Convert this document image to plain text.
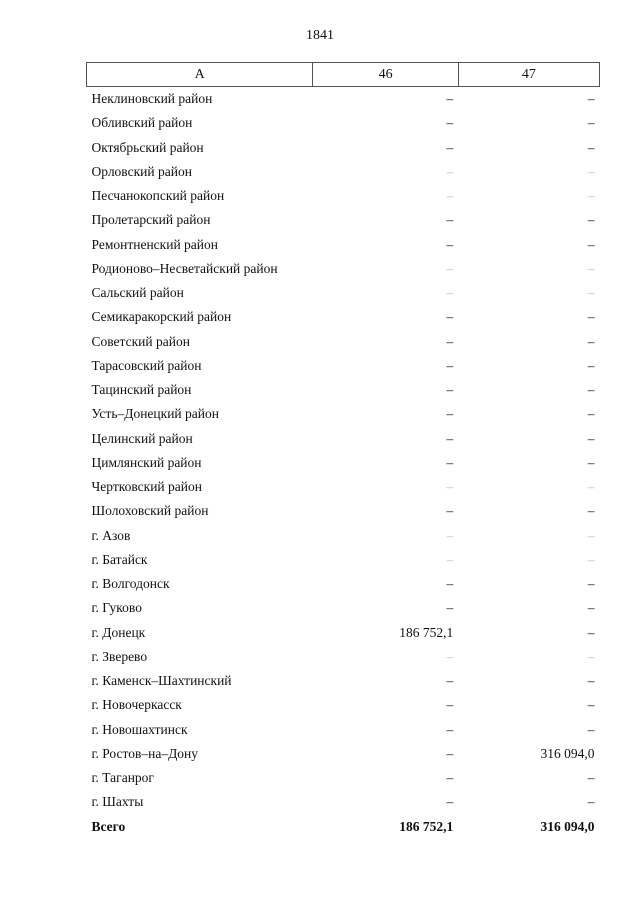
1841
А	46	47
Неклиновский район	–	–
Обливский район	–	–
Октябрьский район	–	–
Орловский район	–	–
Песчанокопский район	–	–
Пролетарский район	–	–
Ремонтненский район	–	–
Родионово–Несветайский район	–	–
Сальский район	–	–
Семикаракорский район	–	–
Советский район	–	–
Тарасовский район	–	–
Тацинский район	–	–
Усть–Донецкий район	–	–
Целинский район	–	–
Цимлянский район	–	–
Чертковский район	–	–
Шолоховский район	–	–
г. Азов	–	–
г. Батайск	–	–
г. Волгодонск	–	–
г. Гуково	–	–
г. Донецк	186 752,1	–
г. Зверево	–	–
г. Каменск–Шахтинский	–	–
г. Новочеркасск	–	–
г. Новошахтинск	–	–
г. Ростов–на–Дону	–	316 094,0
г. Таганрог	–	–
г. Шахты	–	–
Всего	186 752,1	316 094,0
